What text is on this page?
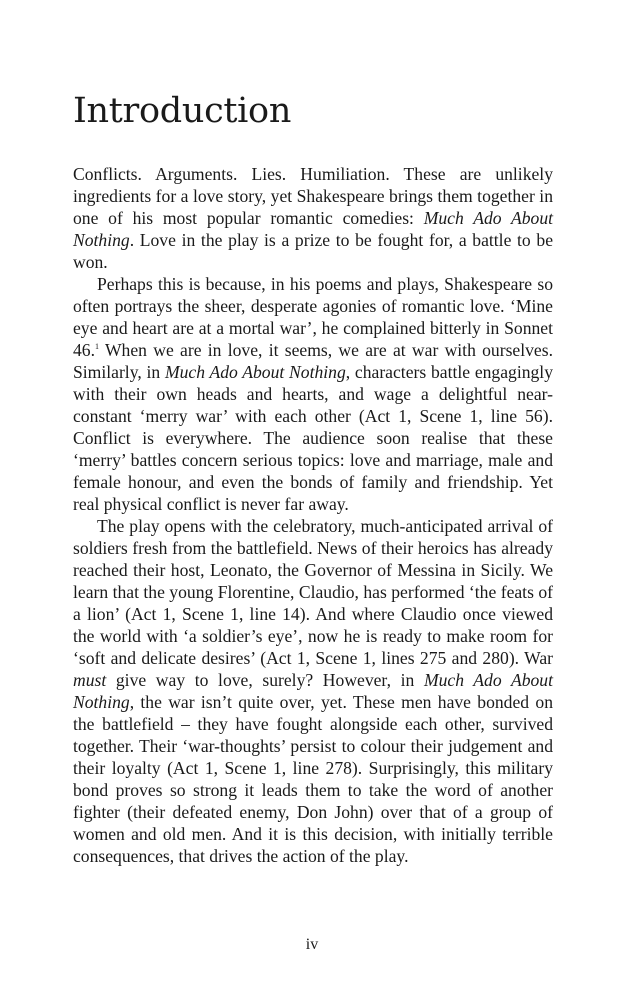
Introduction

Conflicts. Arguments. Lies. Humiliation. These are unlikely ingredients for a love story, yet Shakespeare brings them together in one of his most popular romantic comedies: Much Ado About Nothing. Love in the play is a prize to be fought for, a battle to be won.

Perhaps this is because, in his poems and plays, Shakespeare so often portrays the sheer, desperate agonies of romantic love. ‘Mine eye and heart are at a mortal war’, he complained bitterly in Sonnet 46.$^1$ When we are in love, it seems, we are at war with ourselves. Similarly, in Much Ado About Nothing, characters battle engagingly with their own heads and hearts, and wage a delightful near-constant ‘merry war’ with each other (Act 1, Scene 1, line 56). Conflict is everywhere. The audience soon realise that these ‘merry’ battles concern serious topics: love and marriage, male and female honour, and even the bonds of family and friendship. Yet real physical conflict is never far away.

The play opens with the celebratory, much-anticipated arrival of soldiers fresh from the battlefield. News of their heroics has already reached their host, Leonato, the Governor of Messina in Sicily. We learn that the young Florentine, Claudio, has performed ‘the feats of a lion’ (Act 1, Scene 1, line 14). And where Claudio once viewed the world with ‘a soldier’s eye’, now he is ready to make room for ‘soft and delicate desires’ (Act 1, Scene 1, lines 275 and 280). War must give way to love, surely? However, in Much Ado About Nothing, the war isn’t quite over, yet. These men have bonded on the battlefield – they have fought alongside each other, survived together. Their ‘war-thoughts’ persist to colour their judgement and their loyalty (Act 1, Scene 1, line 278). Surprisingly, this military bond proves so strong it leads them to take the word of another fighter (their defeated enemy, Don John) over that of a group of women and old men. And it is this decision, with initially terrible consequences, that drives the action of the play.

iv
